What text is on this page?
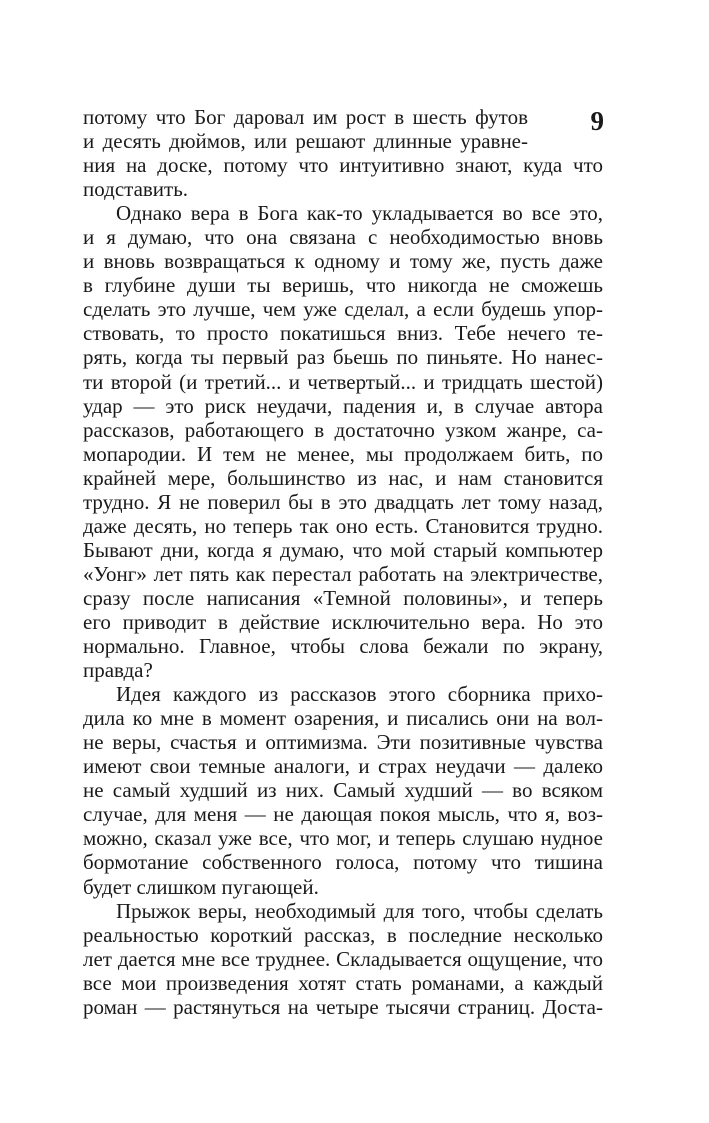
9
потому что Бог даровал им рост в шесть футов
и десять дюймов, или решают длинные уравне-
ния на доске, потому что интуитивно знают, куда что
подставить.
Однако вера в Бога как-то укладывается во все это,
и я думаю, что она связана с необходимостью вновь
и вновь возвращаться к одному и тому же, пусть даже
в глубине души ты веришь, что никогда не сможешь
сделать это лучше, чем уже сделал, а если будешь упор-
ствовать, то просто покатишься вниз. Тебе нечего те-
рять, когда ты первый раз бьешь по пиньяте. Но нанес-
ти второй (и третий... и четвертый... и тридцать шестой)
удар — это риск неудачи, падения и, в случае автора
рассказов, работающего в достаточно узком жанре, са-
мопародии. И тем не менее, мы продолжаем бить, по
крайней мере, большинство из нас, и нам становится
трудно. Я не поверил бы в это двадцать лет тому назад,
даже десять, но теперь так оно есть. Становится трудно.
Бывают дни, когда я думаю, что мой старый компьютер
«Уонг» лет пять как перестал работать на электричестве,
сразу после написания «Темной половины», и теперь
его приводит в действие исключительно вера. Но это
нормально. Главное, чтобы слова бежали по экрану,
правда?
Идея каждого из рассказов этого сборника прихо-
дила ко мне в момент озарения, и писались они на вол-
не веры, счастья и оптимизма. Эти позитивные чувства
имеют свои темные аналоги, и страх неудачи — далеко
не самый худший из них. Самый худший — во всяком
случае, для меня — не дающая покоя мысль, что я, воз-
можно, сказал уже все, что мог, и теперь слушаю нудное
бормотание собственного голоса, потому что тишина
будет слишком пугающей.
Прыжок веры, необходимый для того, чтобы сделать
реальностью короткий рассказ, в последние несколько
лет дается мне все труднее. Складывается ощущение, что
все мои произведения хотят стать романами, а каждый
роман — растянуться на четыре тысячи страниц. Доста-
